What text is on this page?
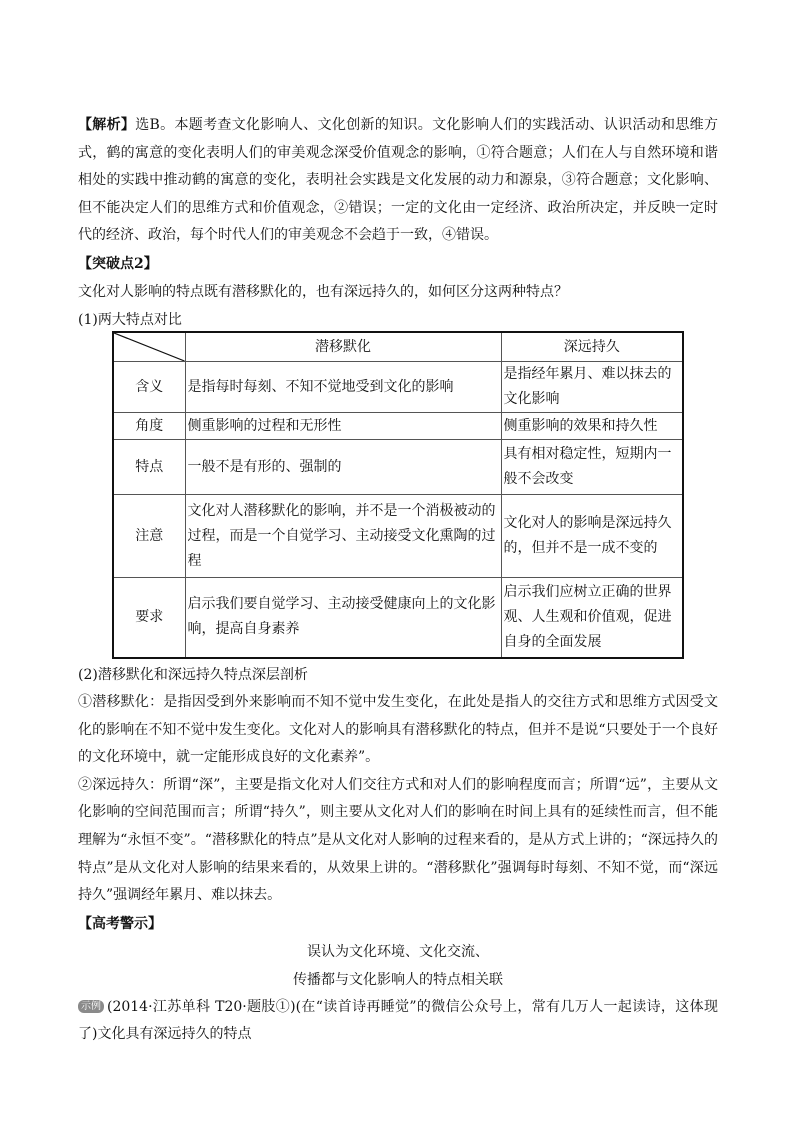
【解析】选B。本题考查文化影响人、文化创新的知识。文化影响人们的实践活动、认识活动和思维方式，鹤的寓意的变化表明人们的审美观念深受价值观念的影响，①符合题意；人们在人与自然环境和谐相处的实践中推动鹤的寓意的变化，表明社会实践是文化发展的动力和源泉，③符合题意；文化影响、但不能决定人们的思维方式和价值观念，②错误；一定的文化由一定经济、政治所决定，并反映一定时代的经济、政治，每个时代人们的审美观念不会趋于一致，④错误。

【突破点2】

文化对人影响的特点既有潜移默化的，也有深远持久的，如何区分这两种特点？

(1)两大特点对比

	潜移默化	深远持久
含义	是指每时每刻、不知不觉地受到文化的影响	是指经年累月、难以抹去的文化影响
角度	侧重影响的过程和无形性	侧重影响的效果和持久性
特点	一般不是有形的、强制的	具有相对稳定性，短期内一般不会改变
注意	文化对人潜移默化的影响，并不是一个消极被动的过程，而是一个自觉学习、主动接受文化熏陶的过程	文化对人的影响是深远持久的，但并不是一成不变的
要求	启示我们要自觉学习、主动接受健康向上的文化影响，提高自身素养	启示我们应树立正确的世界观、人生观和价值观，促进自身的全面发展

(2)潜移默化和深远持久特点深层剖析

①潜移默化：是指因受到外来影响而不知不觉中发生变化，在此处是指人的交往方式和思维方式因受文化的影响在不知不觉中发生变化。文化对人的影响具有潜移默化的特点，但并不是说“只要处于一个良好的文化环境中，就一定能形成良好的文化素养”。

②深远持久：所谓“深”，主要是指文化对人们交往方式和对人们的影响程度而言；所谓“远”，主要从文化影响的空间范围而言；所谓“持久”，则主要从文化对人们的影响在时间上具有的延续性而言，但不能理解为“永恒不变”。“潜移默化的特点”是从文化对人影响的过程来看的，是从方式上讲的；“深远持久的特点”是从文化对人影响的结果来看的，从效果上讲的。“潜移默化”强调每时每刻、不知不觉，而“深远持久”强调经年累月、难以抹去。

【高考警示】

误认为文化环境、文化交流、

传播都与文化影响人的特点相关联

示例 (2014·江苏单科 T20·题肢①)(在“读首诗再睡觉”的微信公众号上，常有几万人一起读诗，这体现了)文化具有深远持久的特点
